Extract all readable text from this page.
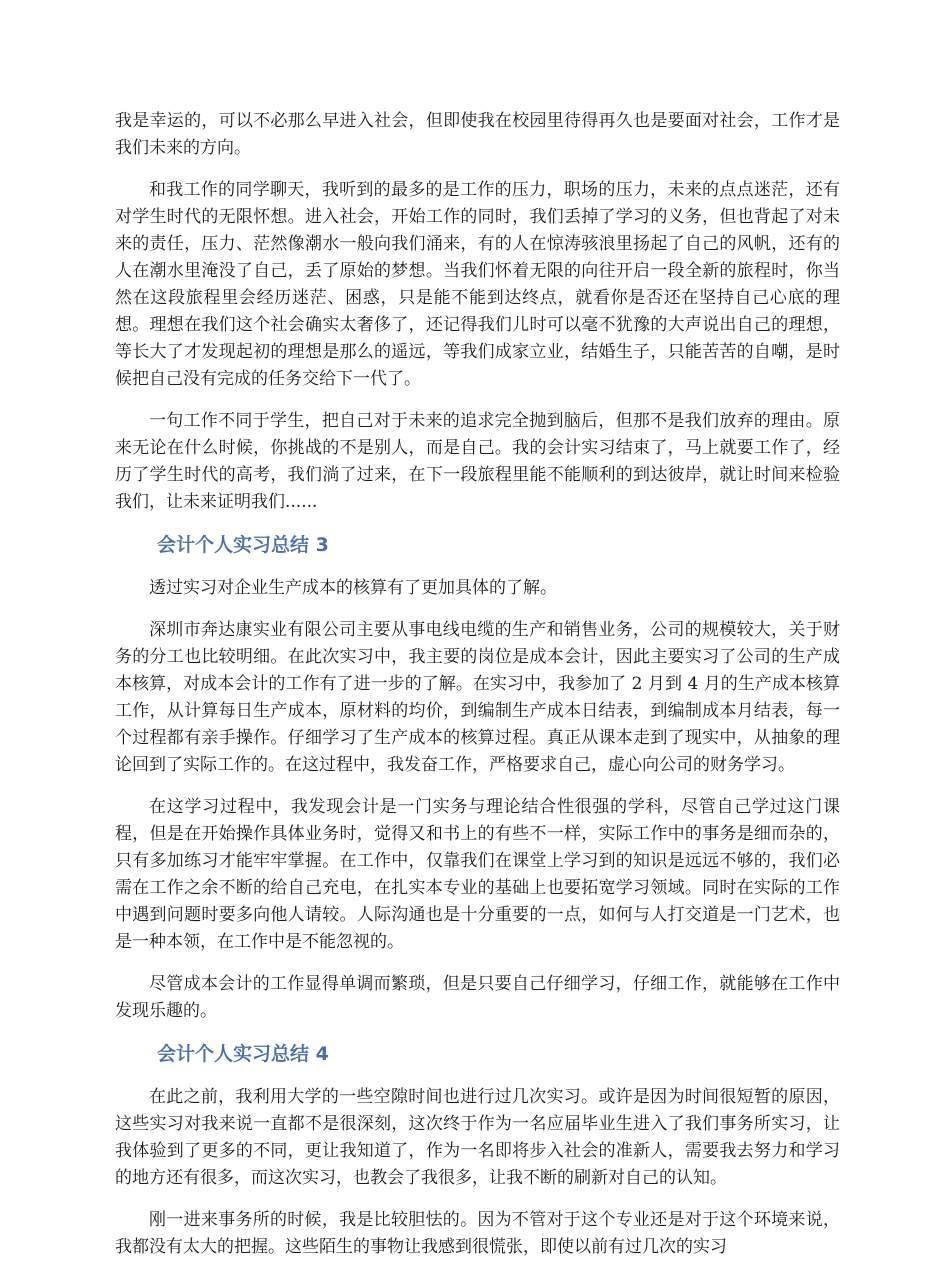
我是幸运的，可以不必那么早进入社会，但即使我在校园里待得再久也是要面对社会，工作才是我们未来的方向。

和我工作的同学聊天，我听到的最多的是工作的压力，职场的压力，未来的点点迷茫，还有对学生时代的无限怀想。进入社会，开始工作的同时，我们丢掉了学习的义务，但也背起了对未来的责任，压力、茫然像潮水一般向我们涌来，有的人在惊涛骇浪里扬起了自己的风帆，还有的人在潮水里淹没了自己，丢了原始的梦想。当我们怀着无限的向往开启一段全新的旅程时，你当然在这段旅程里会经历迷茫、困惑，只是能不能到达终点，就看你是否还在坚持自己心底的理想。理想在我们这个社会确实太奢侈了，还记得我们儿时可以毫不犹豫的大声说出自己的理想，等长大了才发现起初的理想是那么的遥远，等我们成家立业，结婚生子，只能苦苦的自嘲，是时候把自己没有完成的任务交给下一代了。

一句工作不同于学生，把自己对于未来的追求完全抛到脑后，但那不是我们放弃的理由。原来无论在什么时候，你挑战的不是别人，而是自己。我的会计实习结束了，马上就要工作了，经历了学生时代的高考，我们淌了过来，在下一段旅程里能不能顺利的到达彼岸，就让时间来检验我们，让未来证明我们......

会计个人实习总结 3

透过实习对企业生产成本的核算有了更加具体的了解。

深圳市奔达康实业有限公司主要从事电线电缆的生产和销售业务，公司的规模较大，关于财务的分工也比较明细。在此次实习中，我主要的岗位是成本会计，因此主要实习了公司的生产成本核算，对成本会计的工作有了进一步的了解。在实习中，我参加了 2 月到 4 月的生产成本核算工作，从计算每日生产成本，原材料的均价，到编制生产成本日结表，到编制成本月结表，每一个过程都有亲手操作。仔细学习了生产成本的核算过程。真正从课本走到了现实中，从抽象的理论回到了实际工作的。在这过程中，我发奋工作，严格要求自己，虚心向公司的财务学习。

在这学习过程中，我发现会计是一门实务与理论结合性很强的学科，尽管自己学过这门课程，但是在开始操作具体业务时，觉得又和书上的有些不一样，实际工作中的事务是细而杂的，只有多加练习才能牢牢掌握。在工作中，仅靠我们在课堂上学习到的知识是远远不够的，我们必需在工作之余不断的给自己充电，在扎实本专业的基础上也要拓宽学习领域。同时在实际的工作中遇到问题时要多向他人请较。人际沟通也是十分重要的一点，如何与人打交道是一门艺术，也是一种本领，在工作中是不能忽视的。

尽管成本会计的工作显得单调而繁琐，但是只要自己仔细学习，仔细工作，就能够在工作中发现乐趣的。

会计个人实习总结 4

在此之前，我利用大学的一些空隙时间也进行过几次实习。或许是因为时间很短暂的原因，这些实习对我来说一直都不是很深刻，这次终于作为一名应届毕业生进入了我们事务所实习，让我体验到了更多的不同，更让我知道了，作为一名即将步入社会的准新人，需要我去努力和学习的地方还有很多，而这次实习，也教会了我很多，让我不断的刷新对自己的认知。

刚一进来事务所的时候，我是比较胆怯的。因为不管对于这个专业还是对于这个环境来说，我都没有太大的把握。这些陌生的事物让我感到很慌张，即使以前有过几次的实习
